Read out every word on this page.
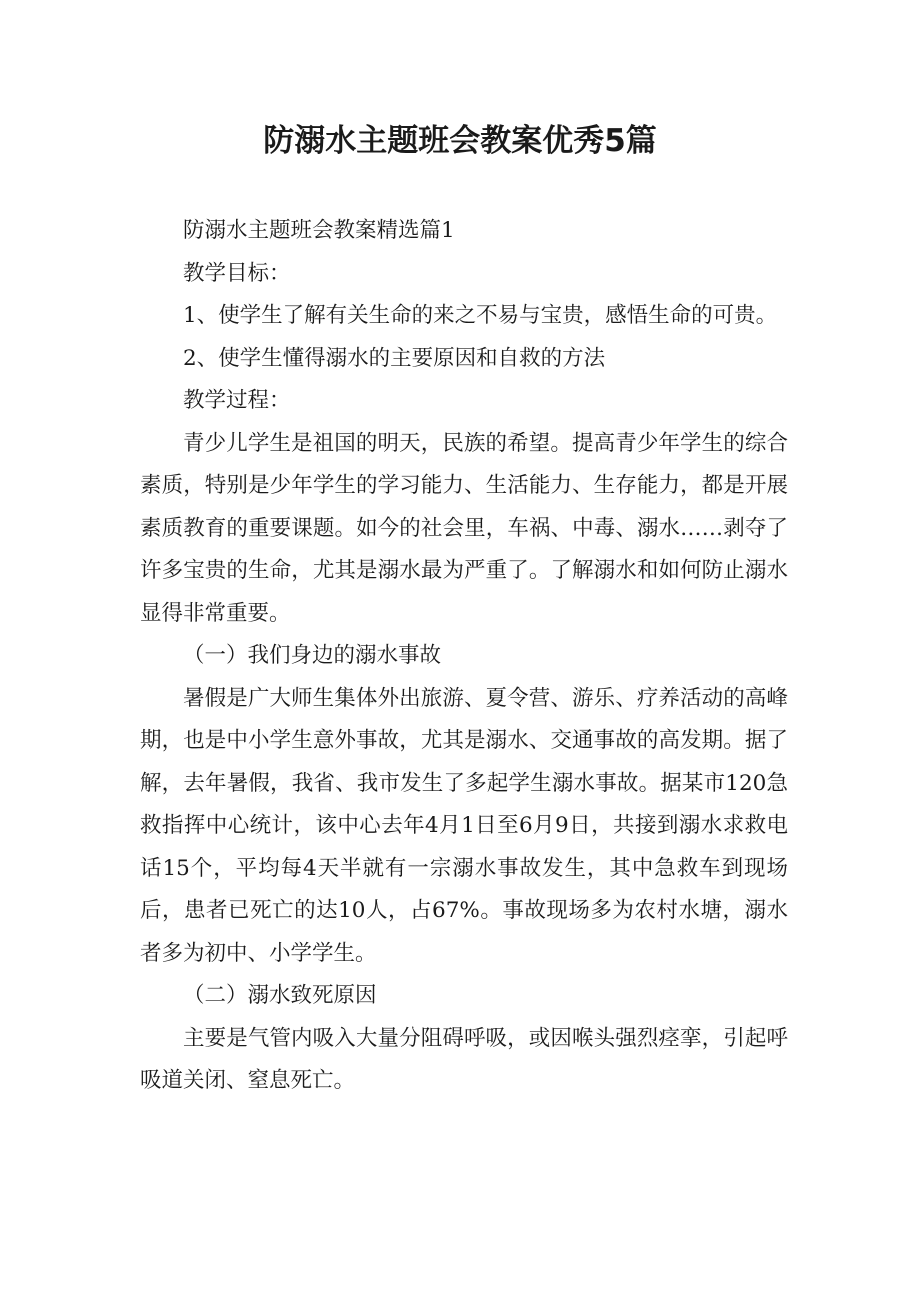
防溺水主题班会教案优秀5篇

防溺水主题班会教案精选篇1

教学目标：

1、使学生了解有关生命的来之不易与宝贵，感悟生命的可贵。

2、使学生懂得溺水的主要原因和自救的方法

教学过程：

青少儿学生是祖国的明天，民族的希望。提高青少年学生的综合素质，特别是少年学生的学习能力、生活能力、生存能力，都是开展素质教育的重要课题。如今的社会里，车祸、中毒、溺水……剥夺了许多宝贵的生命，尤其是溺水最为严重了。了解溺水和如何防止溺水显得非常重要。

（一）我们身边的溺水事故

暑假是广大师生集体外出旅游、夏令营、游乐、疗养活动的高峰期，也是中小学生意外事故，尤其是溺水、交通事故的高发期。据了解，去年暑假，我省、我市发生了多起学生溺水事故。据某市120急救指挥中心统计，该中心去年4月1日至6月9日，共接到溺水求救电话15个，平均每4天半就有一宗溺水事故发生，其中急救车到现场后，患者已死亡的达10人，占67%。事故现场多为农村水塘，溺水者多为初中、小学学生。

（二）溺水致死原因

主要是气管内吸入大量分阻碍呼吸，或因喉头强烈痉挛，引起呼吸道关闭、窒息死亡。
